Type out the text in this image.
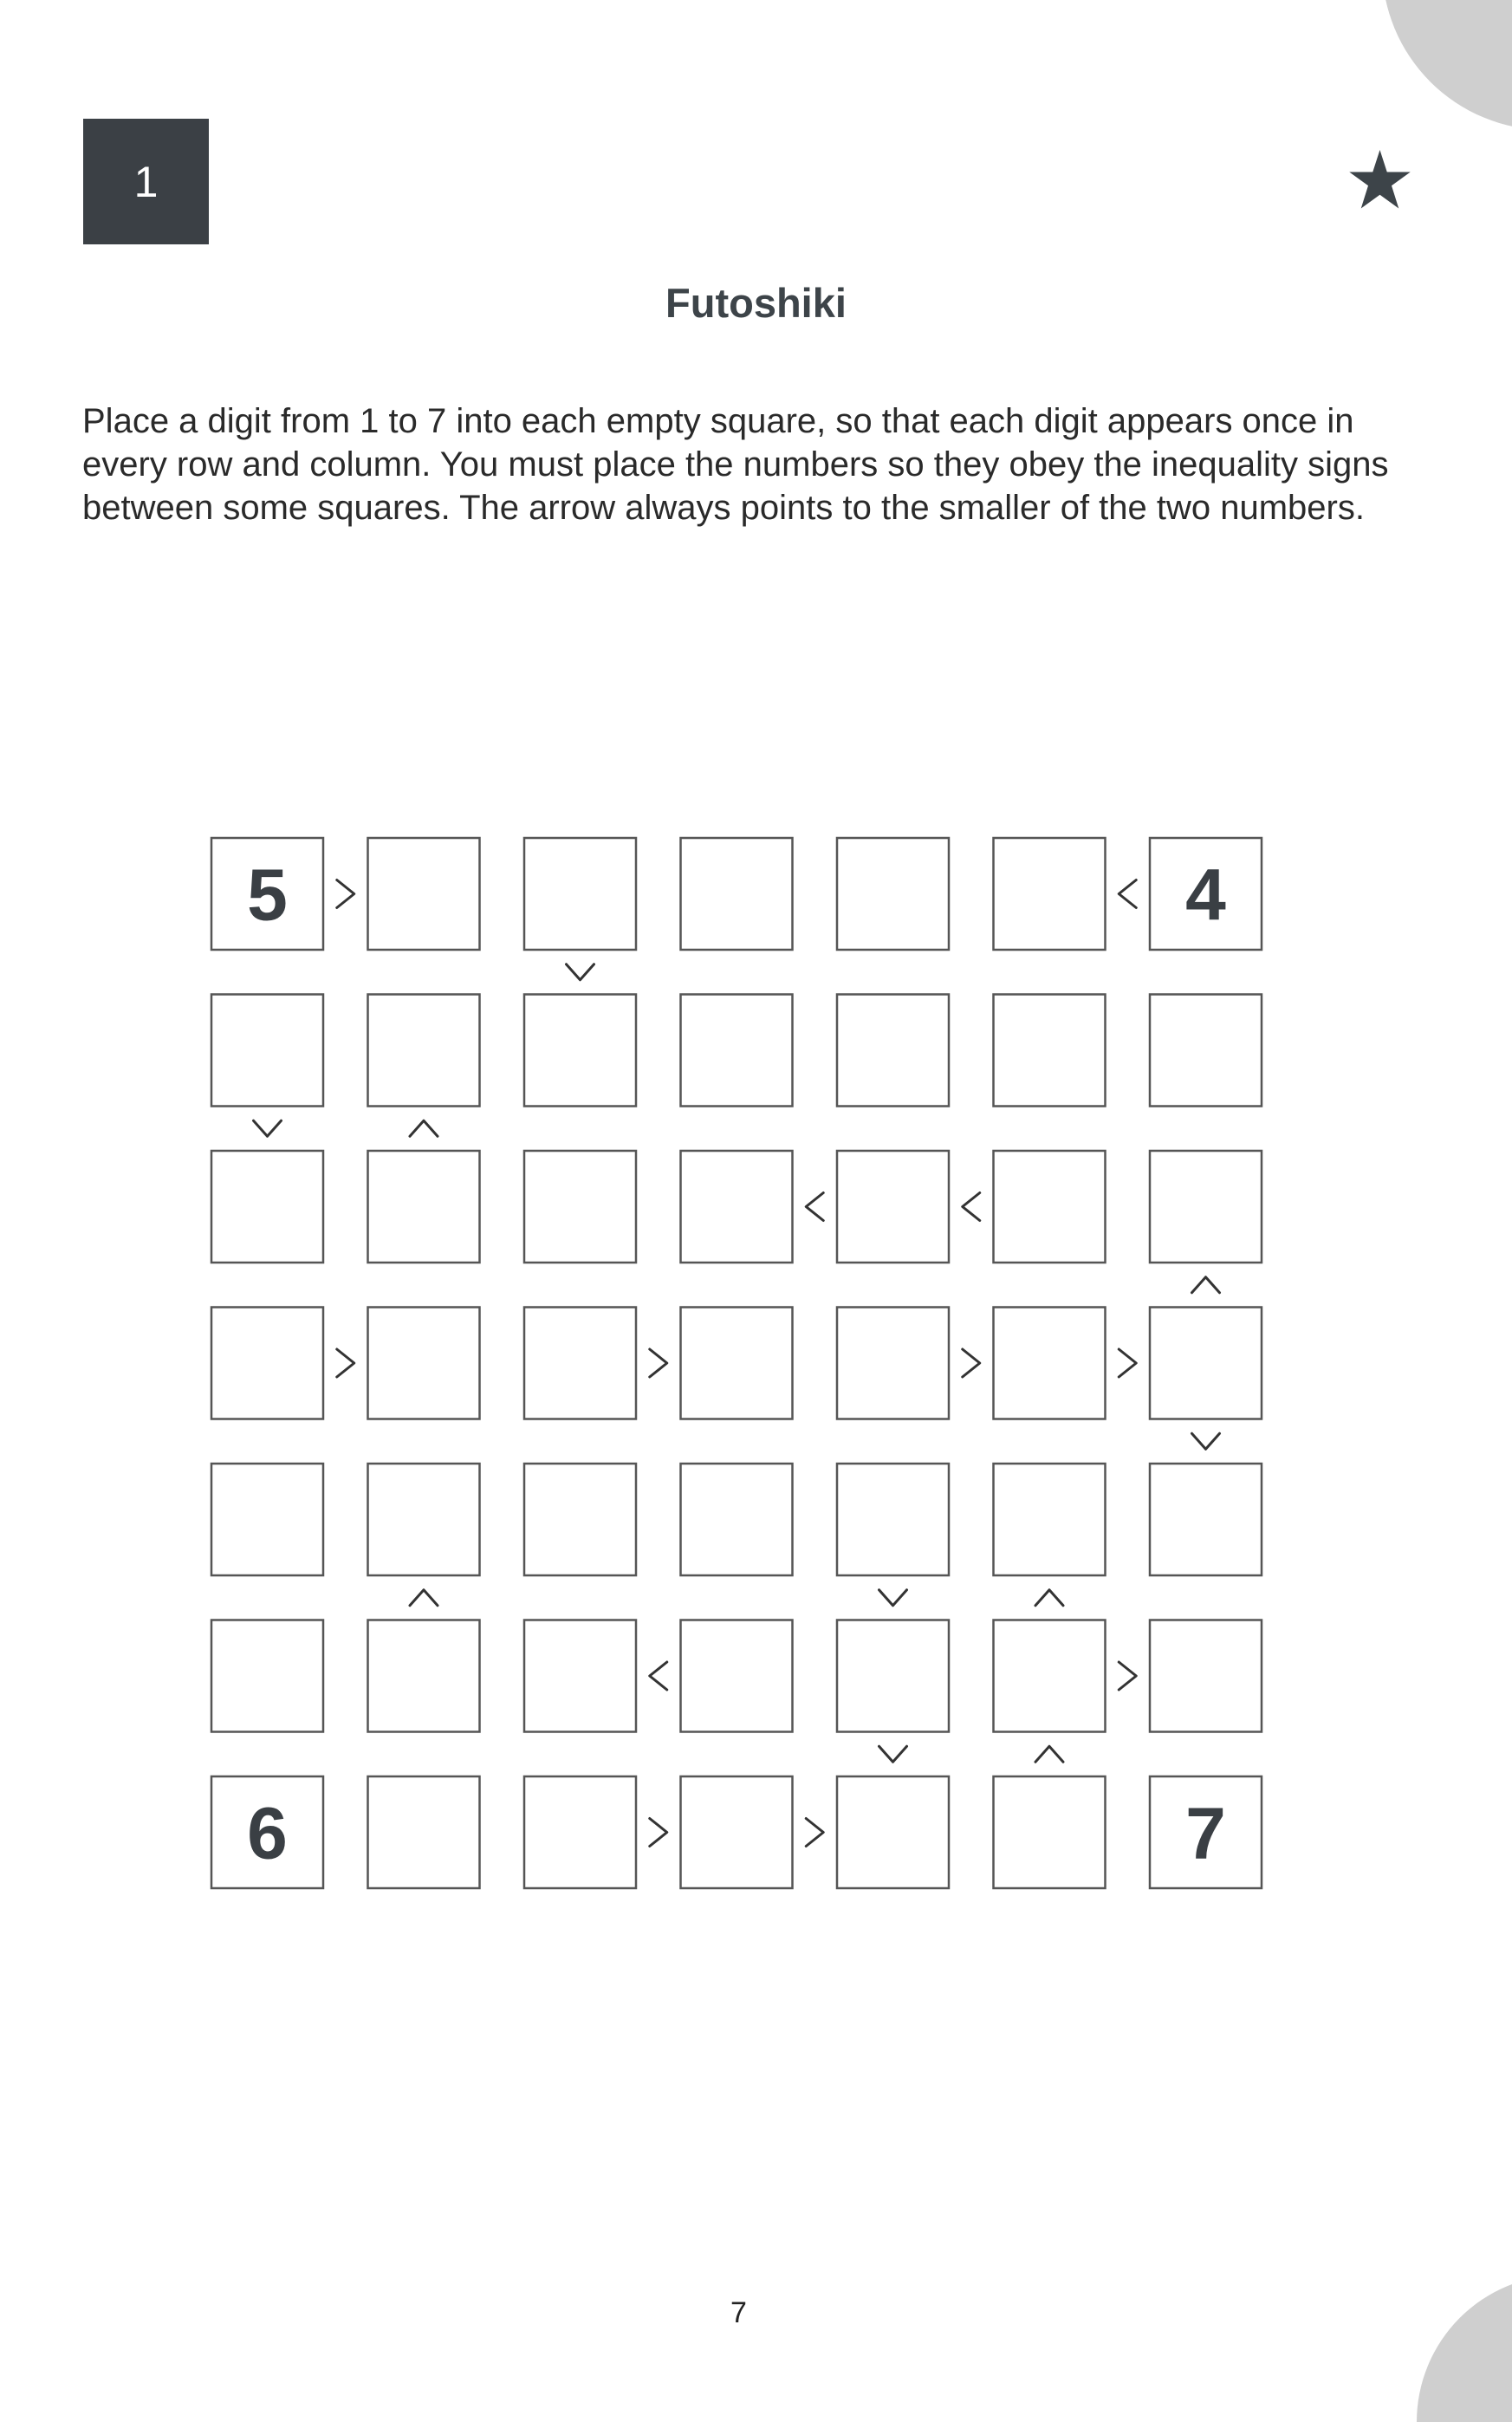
1
Futoshiki
Place a digit from 1 to 7 into each empty square, so that each digit appears once in every row and column. You must place the numbers so they obey the inequality signs between some squares. The arrow always points to the smaller of the two numbers.
5	4
6	7
7
